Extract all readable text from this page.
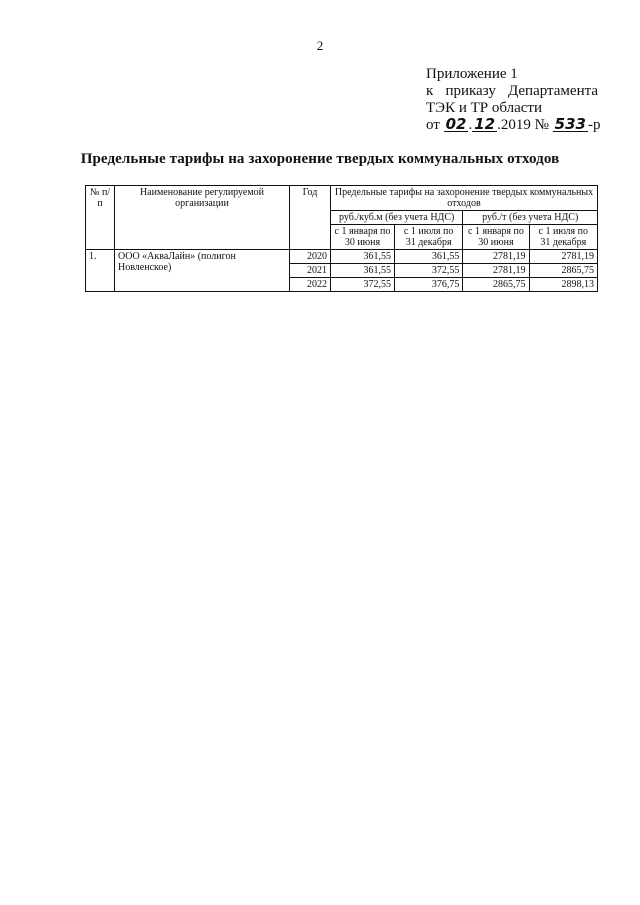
2
Приложение 1
к приказу Департамента
ТЭК и ТР области
от 02 . 12 .2019 № 533 -р
Предельные тарифы на захоронение твердых коммунальных отходов
№ п/п	Наименование регулируемой организации	Год	Предельные тарифы на захоронение твердых коммунальных отходов			
			руб./куб.м (без учета НДС)		руб./т (без учета НДС)	
			с 1 января по 30 июня	с 1 июля по 31 декабря	с 1 января по 30 июня	с 1 июля по 31 декабря
1.	ООО «АкваЛайн» (полигон Новленское)	2020	361,55	361,55	2781,19	2781,19
		2021	361,55	372,55	2781,19	2865,75
		2022	372,55	376,75	2865,75	2898,13
